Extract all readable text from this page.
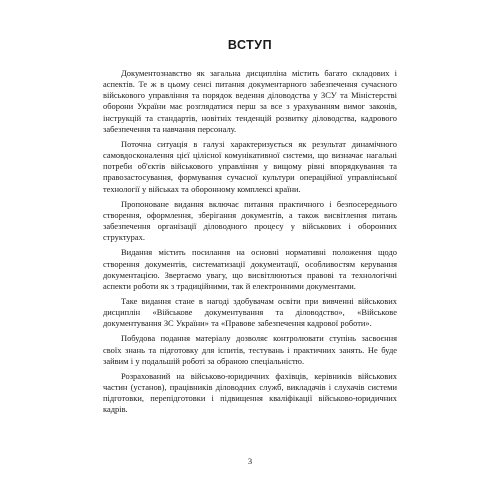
ВСТУП

Документознавство як загальна дисципліна містить багато складових і аспектів. Те ж в цьому сенсі питання документарного забезпечення сучасного військового управління та порядок ведення діловодства у ЗСУ та Міністерстві оборони України має розглядатися перш за все з урахуванням вимог законів, інструкцій та стандартів, новітніх тенденцій розвитку діловодства, кадрового забезпечення та навчання персоналу.

Поточна ситуація в галузі характеризується як результат динамічного самовдосконалення цієї цілісної комунікативної системи, що визначає нагальні потреби об'єктів військового управління у вищому рівні впорядкування та правозастосування, формування сучасної культури операційної управлінської технології у військах та оборонному комплексі країни.

Пропоноване видання включає питання практичного і безпосереднього створення, оформлення, зберігання документів, а також висвітлення питань забезпечення організації діловодного процесу у військових і оборонних структурах.

Видання містить посилання на основні нормативні положення щодо створення документів, систематизації документації, особливостям керування документацією. Звертаємо увагу, що висвітлюються правові та технологічні аспекти роботи як з традиційними, так й електронними документами.

Таке видання стане в нагоді здобувачам освіти при вивченні військових дисциплін «Військове документування та діловодство», «Військове документування ЗС України» та «Правове забезпечення кадрової роботи».

Побудова подання матеріалу дозволяє контролювати ступінь засвоєння своїх знань та підготовку для іспитів, тестувань і практичних занять. Не буде зайвим і у подальшій роботі за обраною спеціальністю.

Розрахований на військово-юридичних фахівців, керівників військових частин (установ), працівників діловодних служб, викладачів і слухачів системи підготовки, перепідготовки і підвищення кваліфікації військово-юридичних кадрів.

3
